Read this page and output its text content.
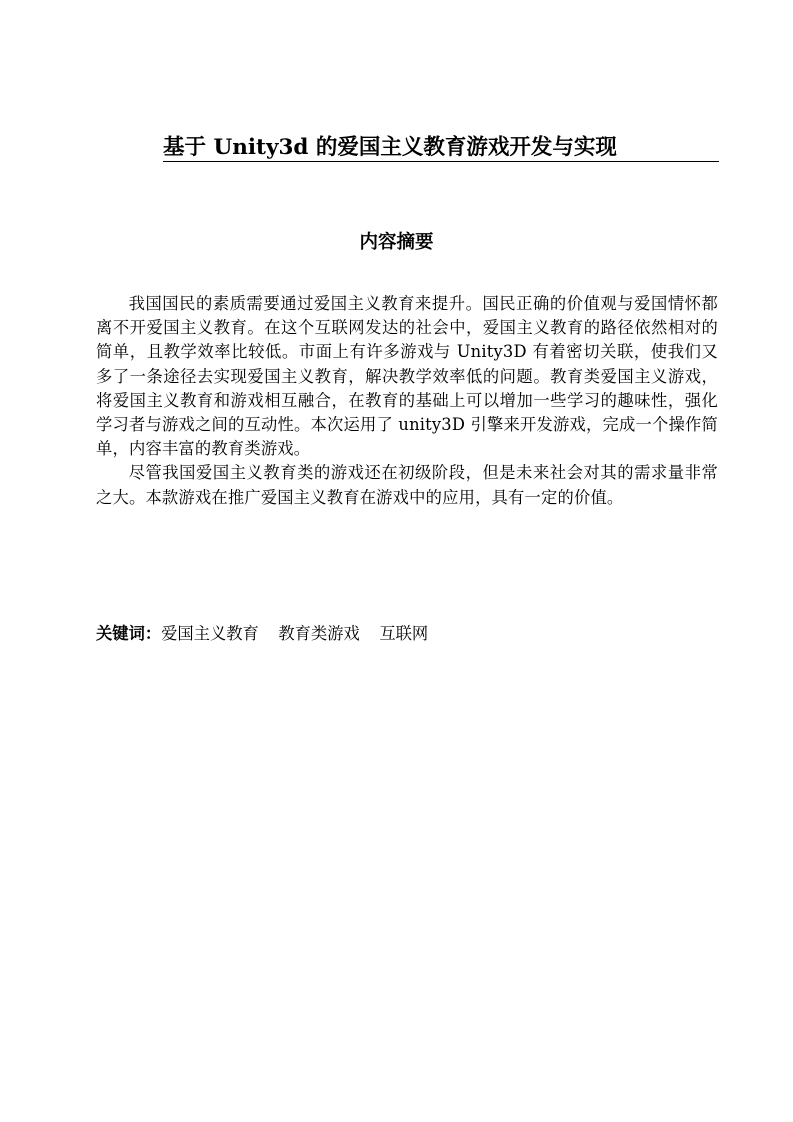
基于 Unity3d 的爱国主义教育游戏开发与实现
内容摘要

我国国民的素质需要通过爱国主义教育来提升。国民正确的价值观与爱国情怀都离不开爱国主义教育。在这个互联网发达的社会中，爱国主义教育的路径依然相对的简单，且教学效率比较低。市面上有许多游戏与 Unity3D 有着密切关联，使我们又多了一条途径去实现爱国主义教育，解决教学效率低的问题。教育类爱国主义游戏，将爱国主义教育和游戏相互融合，在教育的基础上可以增加一些学习的趣味性，强化学习者与游戏之间的互动性。本次运用了 unity3D 引擎来开发游戏，完成一个操作简单，内容丰富的教育类游戏。

尽管我国爱国主义教育类的游戏还在初级阶段，但是未来社会对其的需求量非常之大。本款游戏在推广爱国主义教育在游戏中的应用，具有一定的价值。

关键词：爱国主义教育 教育类游戏 互联网
